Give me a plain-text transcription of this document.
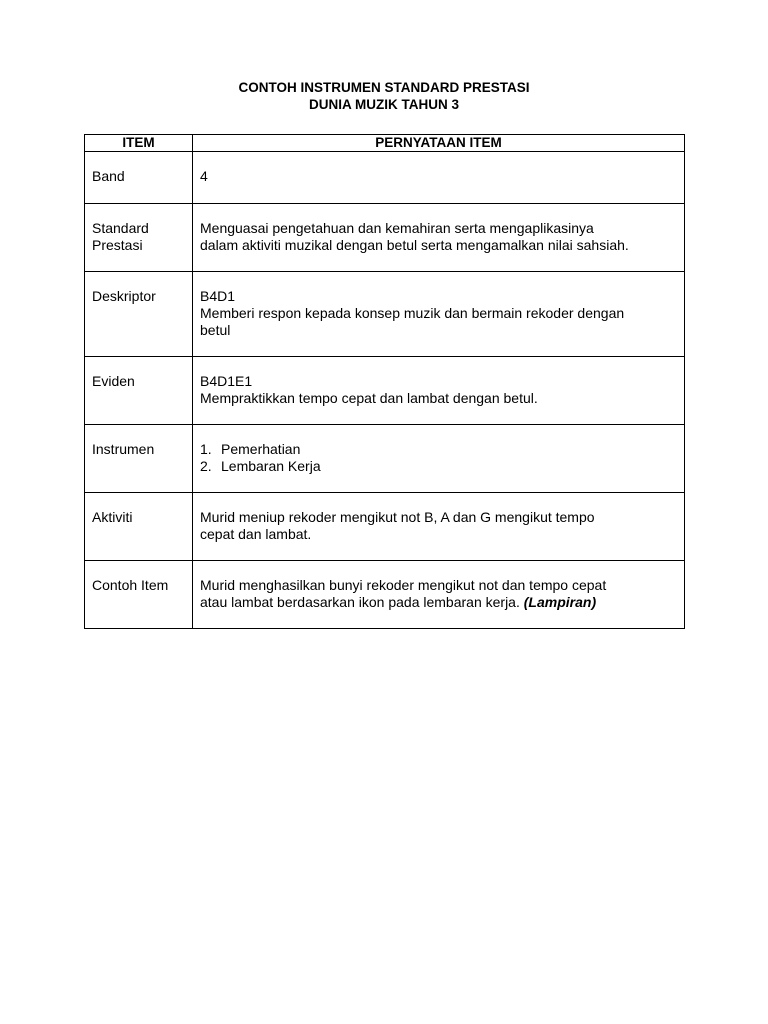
CONTOH INSTRUMEN STANDARD PRESTASI
DUNIA MUZIK TAHUN 3
ITEM	PERNYATAAN ITEM
Band	4

Standard
Prestasi	Menguasai pengetahuan dan kemahiran serta mengaplikasinya
dalam aktiviti muzikal dengan betul serta mengamalkan nilai sahsiah.

Deskriptor	B4D1
Memberi respon kepada konsep muzik dan bermain rekoder dengan
betul

Eviden	B4D1E1
Mempraktikkan tempo cepat dan lambat dengan betul.

Instrumen	1. Pemerhatian
2. Lembaran Kerja

Aktiviti	Murid meniup rekoder mengikut not B, A dan G mengikut tempo
cepat dan lambat.

Contoh Item	Murid menghasilkan bunyi rekoder mengikut not dan tempo cepat
atau lambat berdasarkan ikon pada lembaran kerja. (Lampiran)
